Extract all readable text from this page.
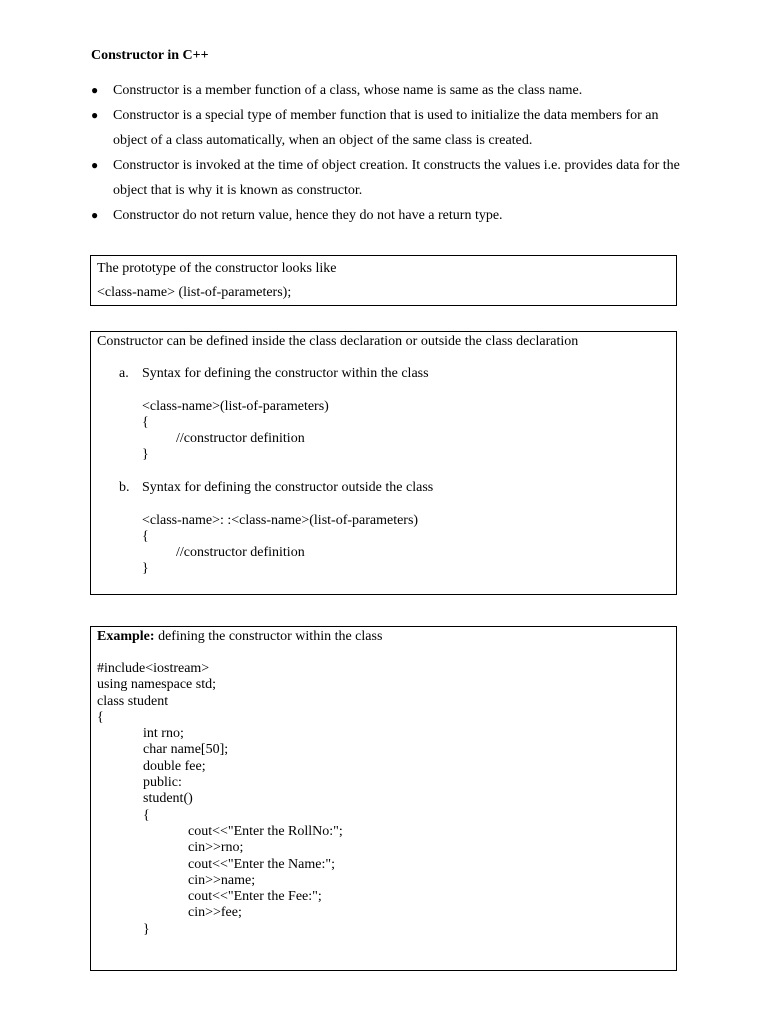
Constructor in C++
● Constructor is a member function of a class, whose name is same as the class name.
● Constructor is a special type of member function that is used to initialize the data members for an
object of a class automatically, when an object of the same class is created.
● Constructor is invoked at the time of object creation. It constructs the values i.e. provides data for the
object that is why it is known as constructor.
● Constructor do not return value, hence they do not have a return type.
The prototype of the constructor looks like
<class-name> (list-of-parameters);
Constructor can be defined inside the class declaration or outside the class declaration
a. Syntax for defining the constructor within the class
<class-name>(list-of-parameters)
{
//constructor definition
}
b. Syntax for defining the constructor outside the class
<class-name>: :<class-name>(list-of-parameters)
{
//constructor definition
}
Example: defining the constructor within the class
#include<iostream>
using namespace std;
class student
{
int rno;
char name[50];
double fee;
public:
student()
{
cout<<"Enter the RollNo:";
cin>>rno;
cout<<"Enter the Name:";
cin>>name;
cout<<"Enter the Fee:";
cin>>fee;
}
